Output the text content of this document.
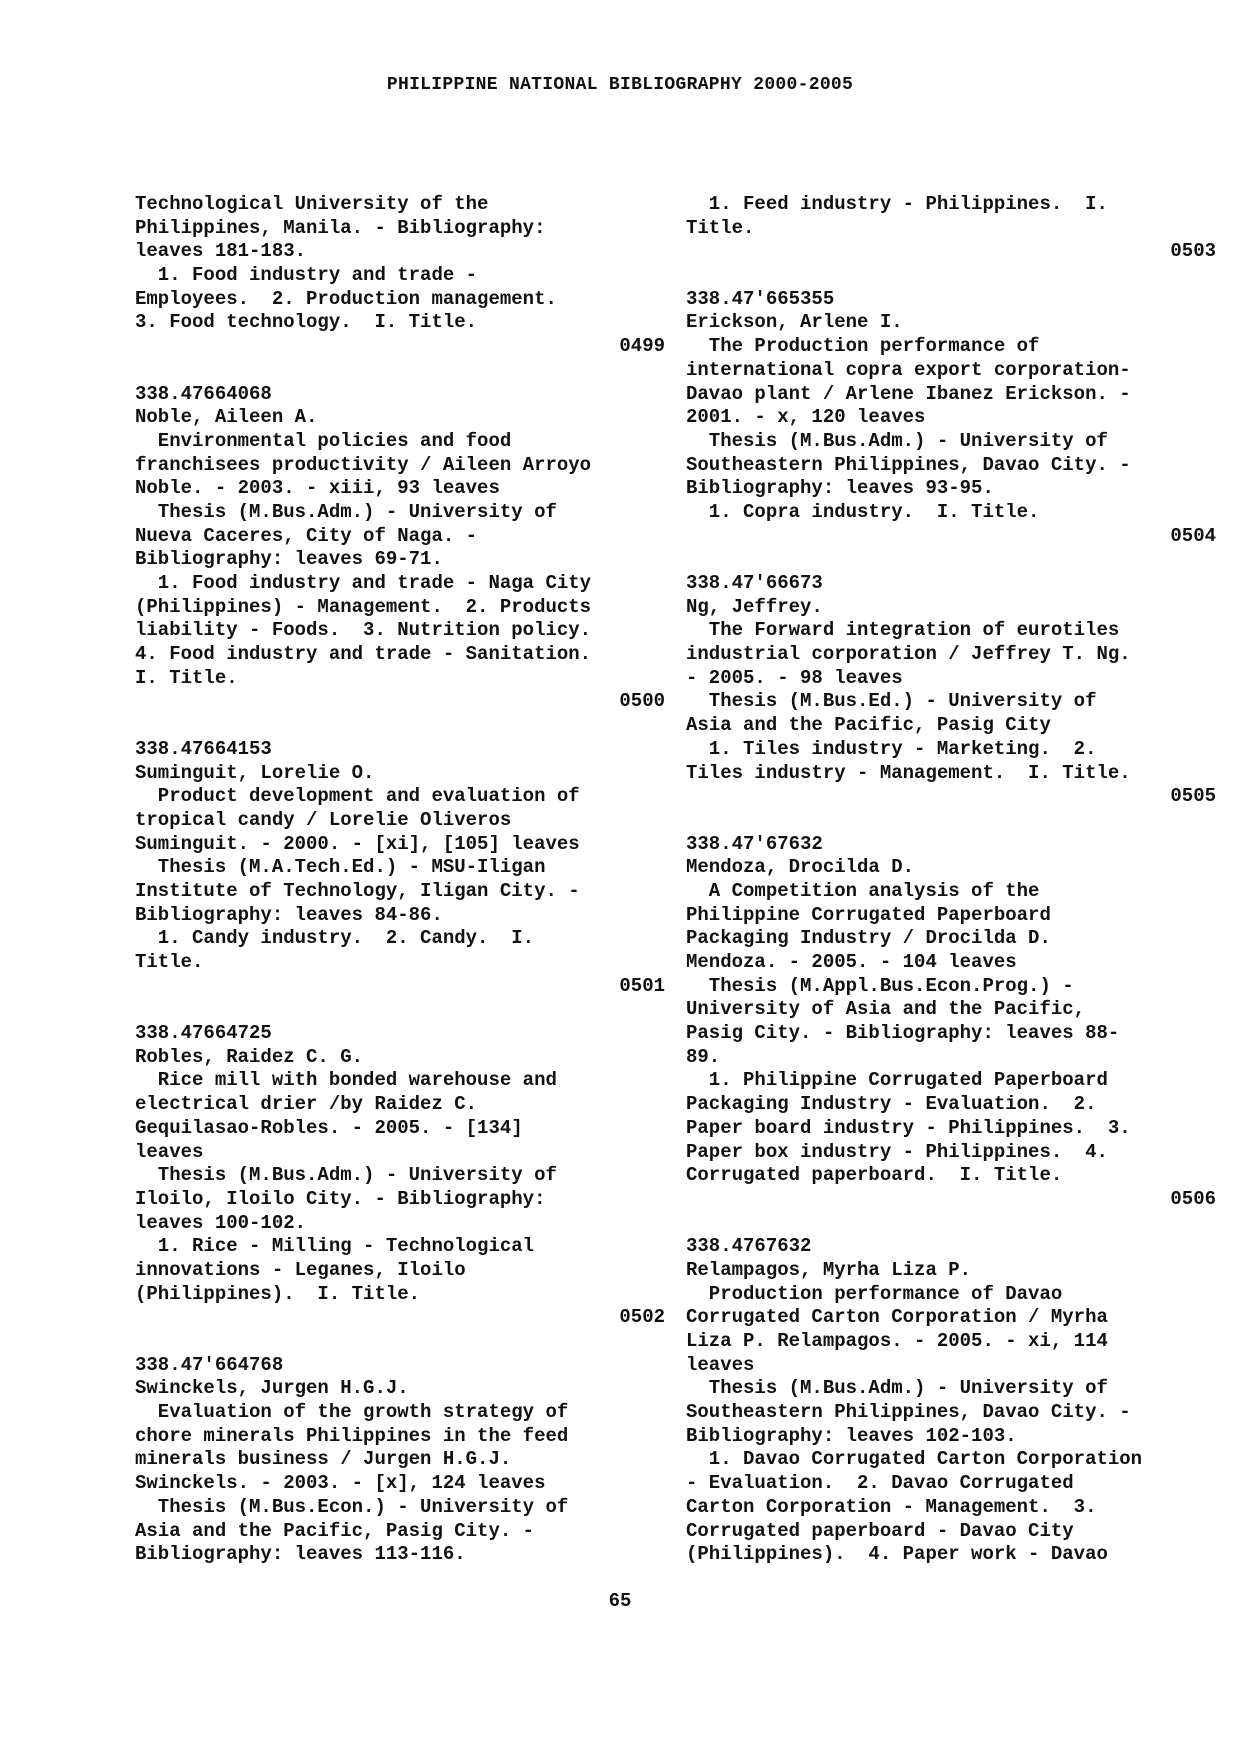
PHILIPPINE NATIONAL BIBLIOGRAPHY 2000-2005
Technological University of the
Philippines, Manila. - Bibliography:
leaves 181-183.
1. Food industry and trade -
Employees.  2. Production management.
3. Food technology.  I. Title.
0499
338.47664068
Noble, Aileen A.
Environmental policies and food
franchisees productivity / Aileen Arroyo
Noble. - 2003. - xiii, 93 leaves
Thesis (M.Bus.Adm.) - University of
Nueva Caceres, City of Naga. -
Bibliography: leaves 69-71.
1. Food industry and trade - Naga City
(Philippines) - Management.  2. Products
liability - Foods.  3. Nutrition policy.
4. Food industry and trade - Sanitation.
I. Title.
0500
338.47664153
Suminguit, Lorelie O.
Product development and evaluation of
tropical candy / Lorelie Oliveros
Suminguit. - 2000. - [xi], [105] leaves
Thesis (M.A.Tech.Ed.) - MSU-Iligan
Institute of Technology, Iligan City. -
Bibliography: leaves 84-86.
1. Candy industry.  2. Candy.  I.
Title.
0501
338.47664725
Robles, Raidez C. G.
Rice mill with bonded warehouse and
electrical drier /by Raidez C.
Gequilasao-Robles. - 2005. - [134]
leaves
Thesis (M.Bus.Adm.) - University of
Iloilo, Iloilo City. - Bibliography:
leaves 100-102.
1. Rice - Milling - Technological
innovations - Leganes, Iloilo
(Philippines).  I. Title.
0502
338.47'664768
Swinckels, Jurgen H.G.J.
Evaluation of the growth strategy of
chore minerals Philippines in the feed
minerals business / Jurgen H.G.J.
Swinckels. - 2003. - [x], 124 leaves
Thesis (M.Bus.Econ.) - University of
Asia and the Pacific, Pasig City. -
Bibliography: leaves 113-116.
1. Feed industry - Philippines.  I.
Title.
0503
338.47'665355
Erickson, Arlene I.
The Production performance of
international copra export corporation-
Davao plant / Arlene Ibanez Erickson. -
2001. - x, 120 leaves
Thesis (M.Bus.Adm.) - University of
Southeastern Philippines, Davao City. -
Bibliography: leaves 93-95.
1. Copra industry.  I. Title.
0504
338.47'66673
Ng, Jeffrey.
The Forward integration of eurotiles
industrial corporation / Jeffrey T. Ng.
- 2005. - 98 leaves
Thesis (M.Bus.Ed.) - University of
Asia and the Pacific, Pasig City
1. Tiles industry - Marketing.  2.
Tiles industry - Management.  I. Title.
0505
338.47'67632
Mendoza, Drocilda D.
A Competition analysis of the
Philippine Corrugated Paperboard
Packaging Industry / Drocilda D.
Mendoza. - 2005. - 104 leaves
Thesis (M.Appl.Bus.Econ.Prog.) -
University of Asia and the Pacific,
Pasig City. - Bibliography: leaves 88-
89.
1. Philippine Corrugated Paperboard
Packaging Industry - Evaluation.  2.
Paper board industry - Philippines.  3.
Paper box industry - Philippines.  4.
Corrugated paperboard.  I. Title.
0506
338.4767632
Relampagos, Myrha Liza P.
Production performance of Davao
Corrugated Carton Corporation / Myrha
Liza P. Relampagos. - 2005. - xi, 114
leaves
Thesis (M.Bus.Adm.) - University of
Southeastern Philippines, Davao City. -
Bibliography: leaves 102-103.
1. Davao Corrugated Carton Corporation
- Evaluation.  2. Davao Corrugated
Carton Corporation - Management.  3.
Corrugated paperboard - Davao City
(Philippines).  4. Paper work - Davao
65
